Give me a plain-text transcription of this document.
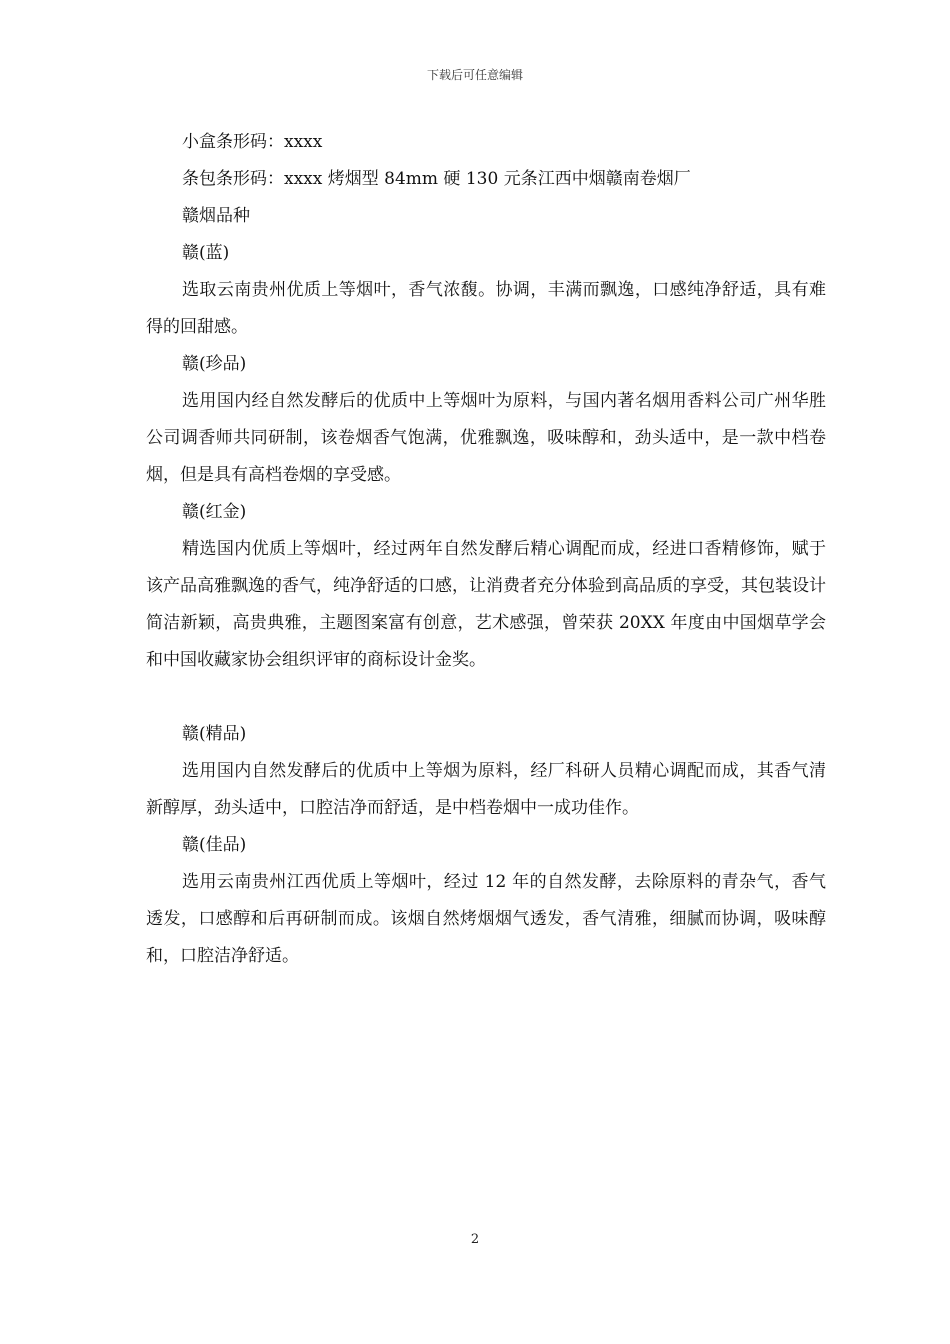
下载后可任意编辑

小盒条形码：xxxx

条包条形码：xxxx 烤烟型 84mm 硬 130 元条江西中烟赣南卷烟厂

赣烟品种

赣(蓝)

选取云南贵州优质上等烟叶，香气浓馥。协调，丰满而飘逸，口感纯净舒适，具有难得的回甜感。

赣(珍品)

选用国内经自然发酵后的优质中上等烟叶为原料，与国内著名烟用香料公司广州华胜公司调香师共同研制，该卷烟香气饱满，优雅飘逸，吸味醇和，劲头适中，是一款中档卷烟，但是具有高档卷烟的享受感。

赣(红金)

精选国内优质上等烟叶，经过两年自然发酵后精心调配而成，经进口香精修饰，赋于该产品高雅飘逸的香气，纯净舒适的口感，让消费者充分体验到高品质的享受，其包装设计简洁新颖，高贵典雅，主题图案富有创意，艺术感强，曾荣获 20XX 年度由中国烟草学会和中国收藏家协会组织评审的商标设计金奖。

赣(精品)

选用国内自然发酵后的优质中上等烟为原料，经厂科研人员精心调配而成，其香气清新醇厚，劲头适中，口腔洁净而舒适，是中档卷烟中一成功佳作。

赣(佳品)

选用云南贵州江西优质上等烟叶，经过 12 年的自然发酵，去除原料的青杂气，香气透发，口感醇和后再研制而成。该烟自然烤烟烟气透发，香气清雅，细腻而协调，吸味醇和，口腔洁净舒适。

2
